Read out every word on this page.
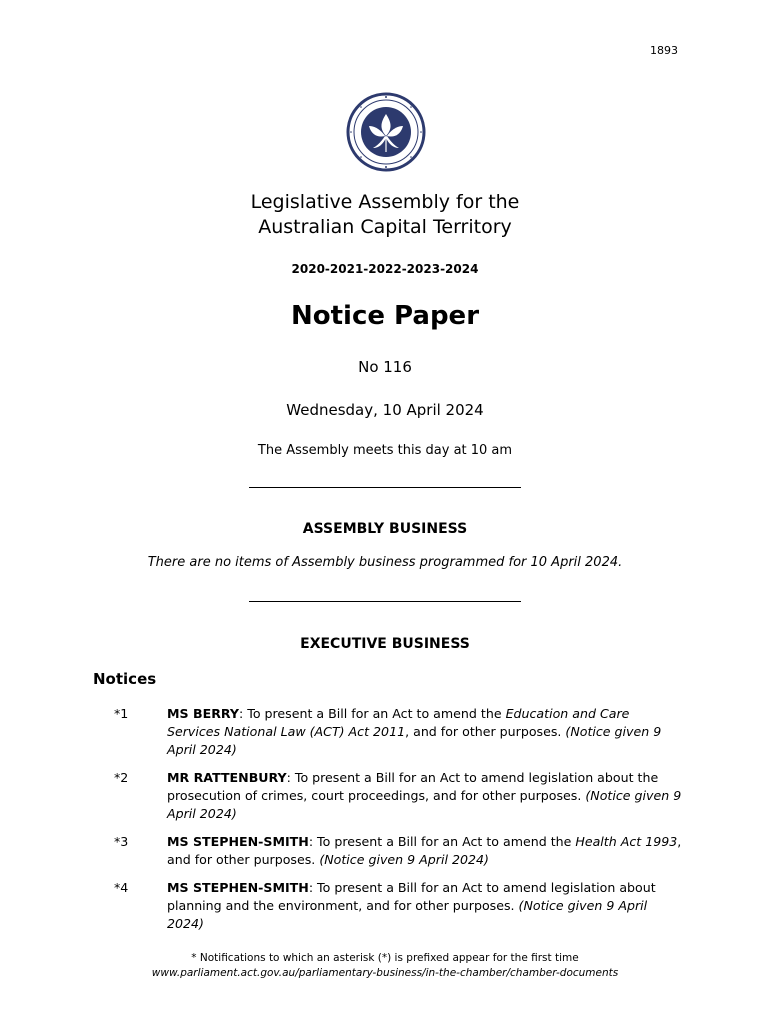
1893
Legislative Assembly for the
Australian Capital Territory
2020-2021-2022-2023-2024
Notice Paper
No 116
Wednesday, 10 April 2024
The Assembly meets this day at 10 am
ASSEMBLY BUSINESS
There are no items of Assembly business programmed for 10 April 2024.
EXECUTIVE BUSINESS
Notices
*1	MS BERRY: To present a Bill for an Act to amend the Education and Care Services National Law (ACT) Act 2011, and for other purposes. (Notice given 9 April 2024)
*2	MR RATTENBURY: To present a Bill for an Act to amend legislation about the prosecution of crimes, court proceedings, and for other purposes. (Notice given 9 April 2024)
*3	MS STEPHEN-SMITH: To present a Bill for an Act to amend the Health Act 1993, and for other purposes. (Notice given 9 April 2024)
*4	MS STEPHEN-SMITH: To present a Bill for an Act to amend legislation about planning and the environment, and for other purposes. (Notice given 9 April 2024)
* Notifications to which an asterisk (*) is prefixed appear for the first time
www.parliament.act.gov.au/parliamentary-business/in-the-chamber/chamber-documents
